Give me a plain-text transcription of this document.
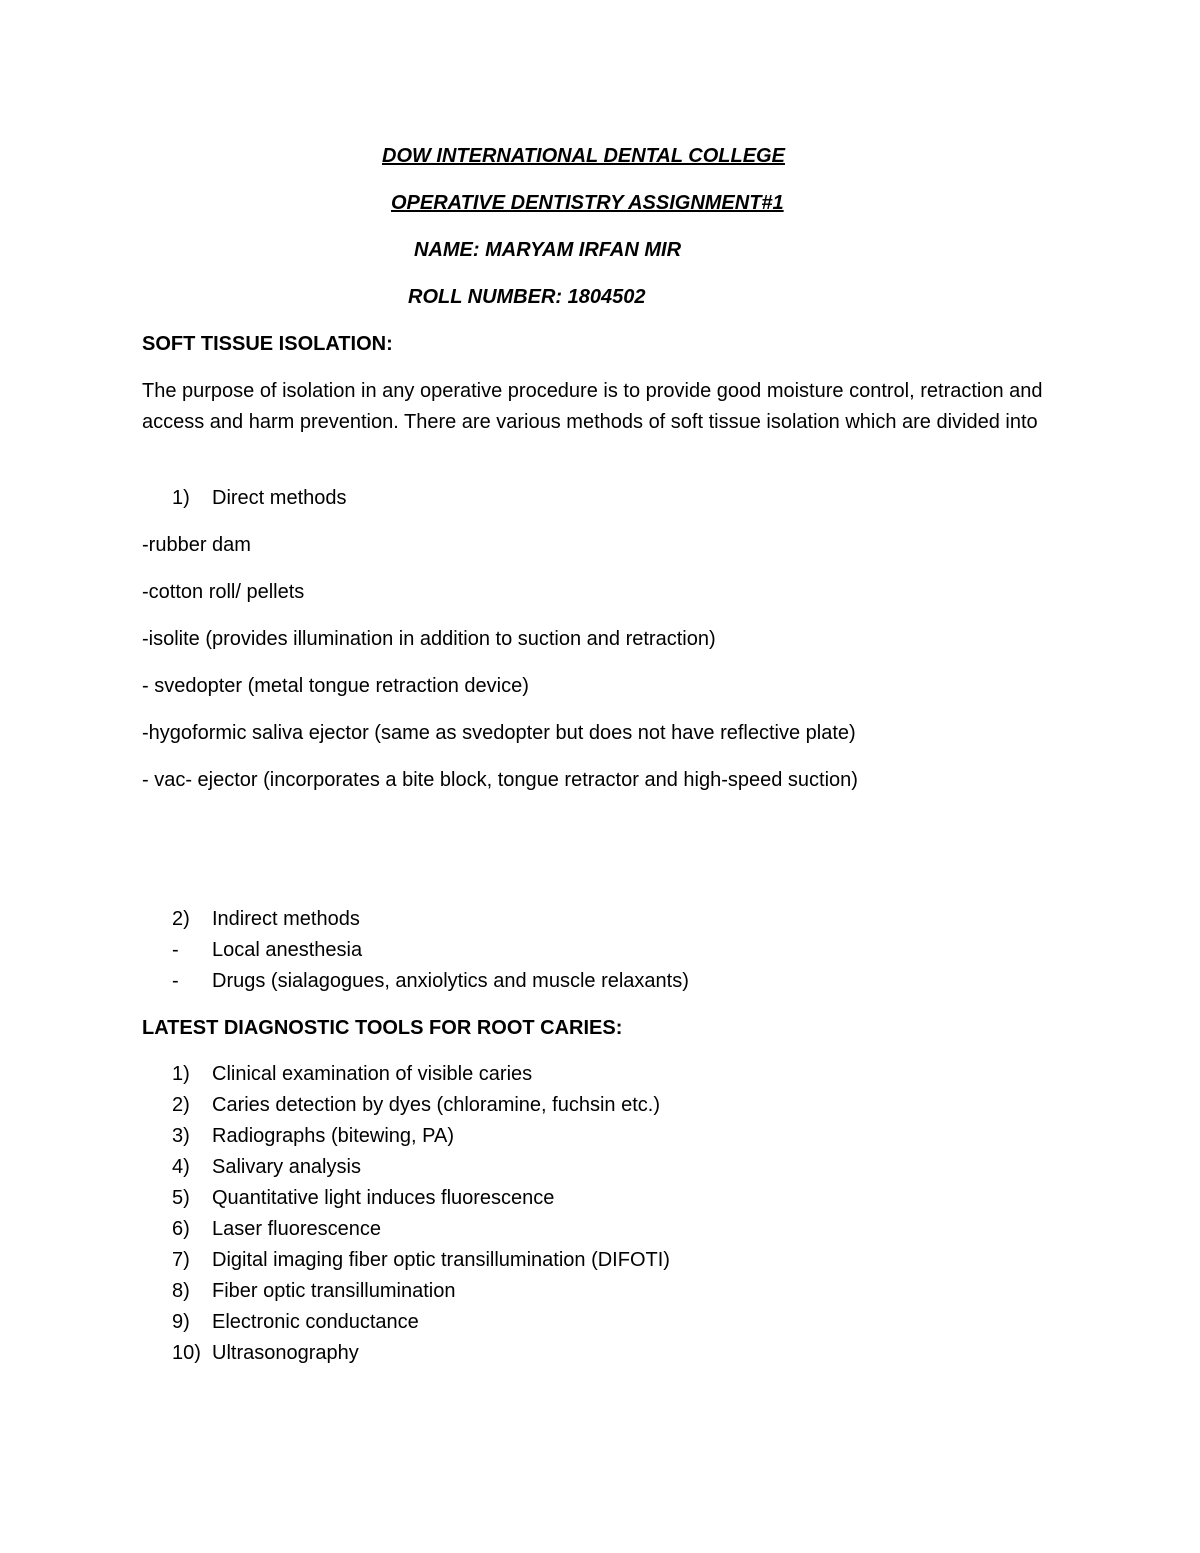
DOW INTERNATIONAL DENTAL COLLEGE
OPERATIVE DENTISTRY ASSIGNMENT#1
NAME: MARYAM IRFAN MIR
ROLL NUMBER: 1804502
SOFT TISSUE ISOLATION:
The purpose of isolation in any operative procedure is to provide good moisture control, retraction and access and harm prevention. There are various methods of soft tissue isolation which are divided into
1) Direct methods
-rubber dam
-cotton roll/ pellets
-isolite (provides illumination in addition to suction and retraction)
- svedopter (metal tongue retraction device)
-hygoformic saliva ejector (same as svedopter but does not have reflective plate)
- vac- ejector (incorporates a bite block, tongue retractor and high-speed suction)
2) Indirect methods
- Local anesthesia
- Drugs (sialagogues, anxiolytics and muscle relaxants)
LATEST DIAGNOSTIC TOOLS FOR ROOT CARIES:
1) Clinical examination of visible caries
2) Caries detection by dyes (chloramine, fuchsin etc.)
3) Radiographs (bitewing, PA)
4) Salivary analysis
5) Quantitative light induces fluorescence
6) Laser fluorescence
7) Digital imaging fiber optic transillumination (DIFOTI)
8) Fiber optic transillumination
9) Electronic conductance
10) Ultrasonography
